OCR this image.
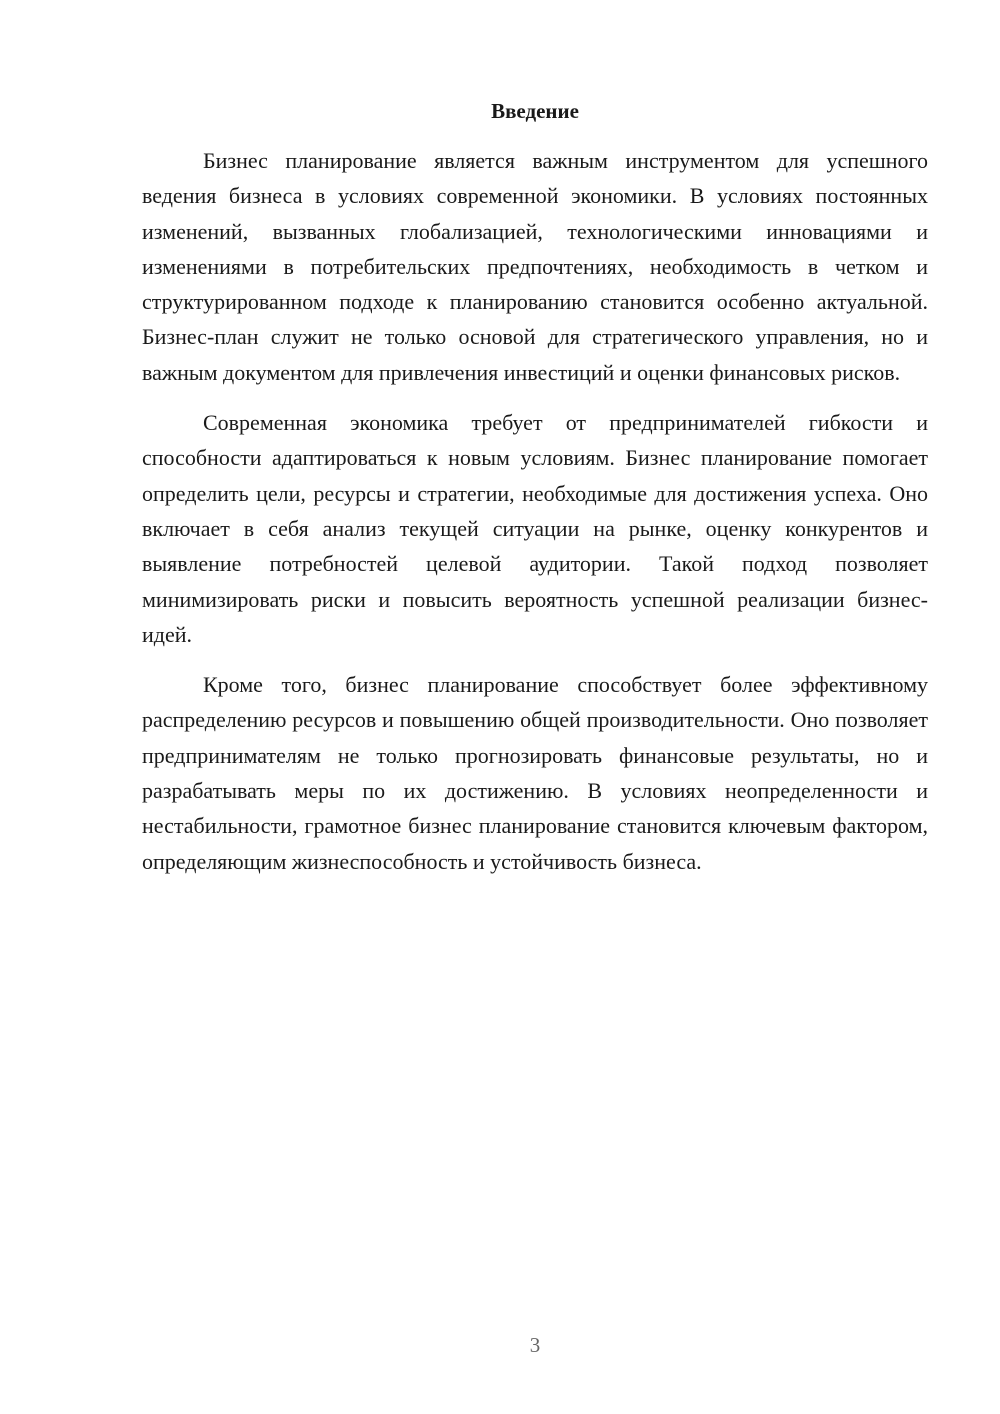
Введение

Бизнес планирование является важным инструментом для успешного ведения бизнеса в условиях современной экономики. В условиях постоянных изменений, вызванных глобализацией, технологическими инновациями и изменениями в потребительских предпочтениях, необходимость в четком и структурированном подходе к планированию становится особенно актуальной. Бизнес-план служит не только основой для стратегического управления, но и важным документом для привлечения инвестиций и оценки финансовых рисков.

Современная экономика требует от предпринимателей гибкости и способности адаптироваться к новым условиям. Бизнес планирование помогает определить цели, ресурсы и стратегии, необходимые для достижения успеха. Оно включает в себя анализ текущей ситуации на рынке, оценку конкурентов и выявление потребностей целевой аудитории. Такой подход позволяет минимизировать риски и повысить вероятность успешной реализации бизнес-идей.

Кроме того, бизнес планирование способствует более эффективному распределению ресурсов и повышению общей производительности. Оно позволяет предпринимателям не только прогнозировать финансовые результаты, но и разрабатывать меры по их достижению. В условиях неопределенности и нестабильности, грамотное бизнес планирование становится ключевым фактором, определяющим жизнеспособность и устойчивость бизнеса.

3
